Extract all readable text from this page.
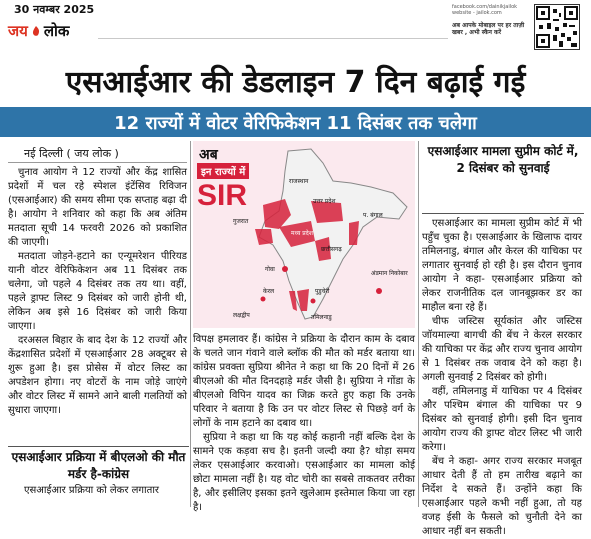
30 नवम्बर 2025
जय लोक
facebook.com/dainikjailok
website - jailok.com
अब आपके मोबाइल पर हर ताज़ी खबर , अभी स्कैन करें
एसआईआर की डेडलाइन 7 दिन बढ़ाई गई
12 राज्यों में वोटर वेरिफिकेशन 11 दिसंबर तक चलेगा
नई दिल्ली ( जय लोक )

चुनाव आयोग ने 12 राज्यों और केंद्र शासित प्रदेशों में चल रहे स्पेशल इंटेंसिव रिविजन (एसआईआर) की समय सीमा एक सप्ताह बढ़ा दी है। आयोग ने शनिवार को कहा कि अब अंतिम मतदाता सूची 14 फरवरी 2026 को प्रकाशित की जाएगी।

मतदाता जोड़ने-हटाने का एन्यूमरेशन पीरियड यानी वोटर वेरिफिकेशन अब 11 दिसंबर तक चलेगा, जो पहले 4 दिसंबर तक तय था। वहीं, पहले ड्राफ्ट लिस्ट 9 दिसंबर को जारी होनी थी, लेकिन अब इसे 16 दिसंबर को जारी किया जाएगा।

दरअसल बिहार के बाद देश के 12 राज्यों और केंद्रशासित प्रदेशों में एसआईआर 28 अक्टूबर से शुरू हुआ है। इस प्रोसेस में वोटर लिस्ट का अपडेशन होगा। नए वोटरों के नाम जोड़े जाएंगे और वोटर लिस्ट में सामने आने बाली गलतियों को सुधारा जाएगा।

एसआईआर प्रक्रिया में बीएलओ की मौत मर्डर है-कांग्रेस
एसआईआर प्रक्रिया को लेकर लगातार
अब
इन राज्यों में
SIR	राजस्थान
गुजरात
मध्य प्रदेश
छत्तीसगढ़
उत्तर प्रदेश
प. बंगाल
गोवा
केरल	पुडुचेरी
अंडमान निकोबार
लक्षद्वीप	तमिलनाडु

विपक्ष हमलावर हैं। कांग्रेस ने प्रक्रिया के दौरान काम के दबाव के चलते जान गंवाने वाले ब्लॉक की मौत को मर्डर बताया था। कांग्रेस प्रवक्ता सुप्रिया श्रीनेत ने कहा था कि 20 दिनों में 26 बीएलओ की मौत दिनदहाड़े मर्डर जैसी है। सुप्रिया ने गोंडा के बीएलओ विपिन यादव का जिक्र करते हुए कहा कि उनके परिवार ने बताया है कि उन पर वोटर लिस्ट से पिछड़े वर्ग के लोगों के नाम हटाने का दबाव था।

सुप्रिया ने कहा था कि यह कोई कहानी नहीं बल्कि देश के सामने एक कड़वा सच है। इतनी जल्दी क्या है? थोड़ा समय लेकर एसआईआर करवाओ। एसआईआर का मामला कोई छोटा मामला नहीं है। यह वोट चोरी का सबसे ताकतवर तरीका है, और इसीलिए इसका इतने खुलेआम इस्तेमाल किया जा रहा है।

एसआईआर मामला सुप्रीम कोर्ट में, 2 दिसंबर को सुनवाई

एसआईआर का मामला सुप्रीम कोर्ट में भी पहुँच चुका है। एसआईआर के खिलाफ दायर तमिलनाडु, बंगाल और केरल की याचिका पर लगातार सुनवाई हो रही है। इस दौरान चुनाव आयोग ने कहा- एसआईआर प्रक्रिया को लेकर राजनीतिक दल जानबूझकर डर का माहौल बना रहे हैं।

चीफ जस्टिस सूर्यकांत और जस्टिस जॉयमाल्या बागची की बेंच ने केरल सरकार की याचिका पर केंद्र और राज्य चुनाव आयोग से 1 दिसंबर तक जवाब देने को कहा है। अगली सुनवाई 2 दिसंबर को होगी।

वहीं, तमिलनाडु में याचिका पर 4 दिसंबर और पश्चिम बंगाल की याचिका पर 9 दिसंबर को सुनवाई होगी। इसी दिन चुनाव आयोग राज्य की ड्राफ्ट वोटर लिस्ट भी जारी करेगा।

बेंच ने कहा- अगर राज्य सरकार मजबूत आधार देती हैं तो हम तारीख बढ़ाने का निर्देश दे सकते हैं। उन्होंने कहा कि एसआईआर पहले कभी नहीं हुआ, तो यह वजह ईसी के फैसले को चुनौती देने का आधार नहीं बन सकती।
